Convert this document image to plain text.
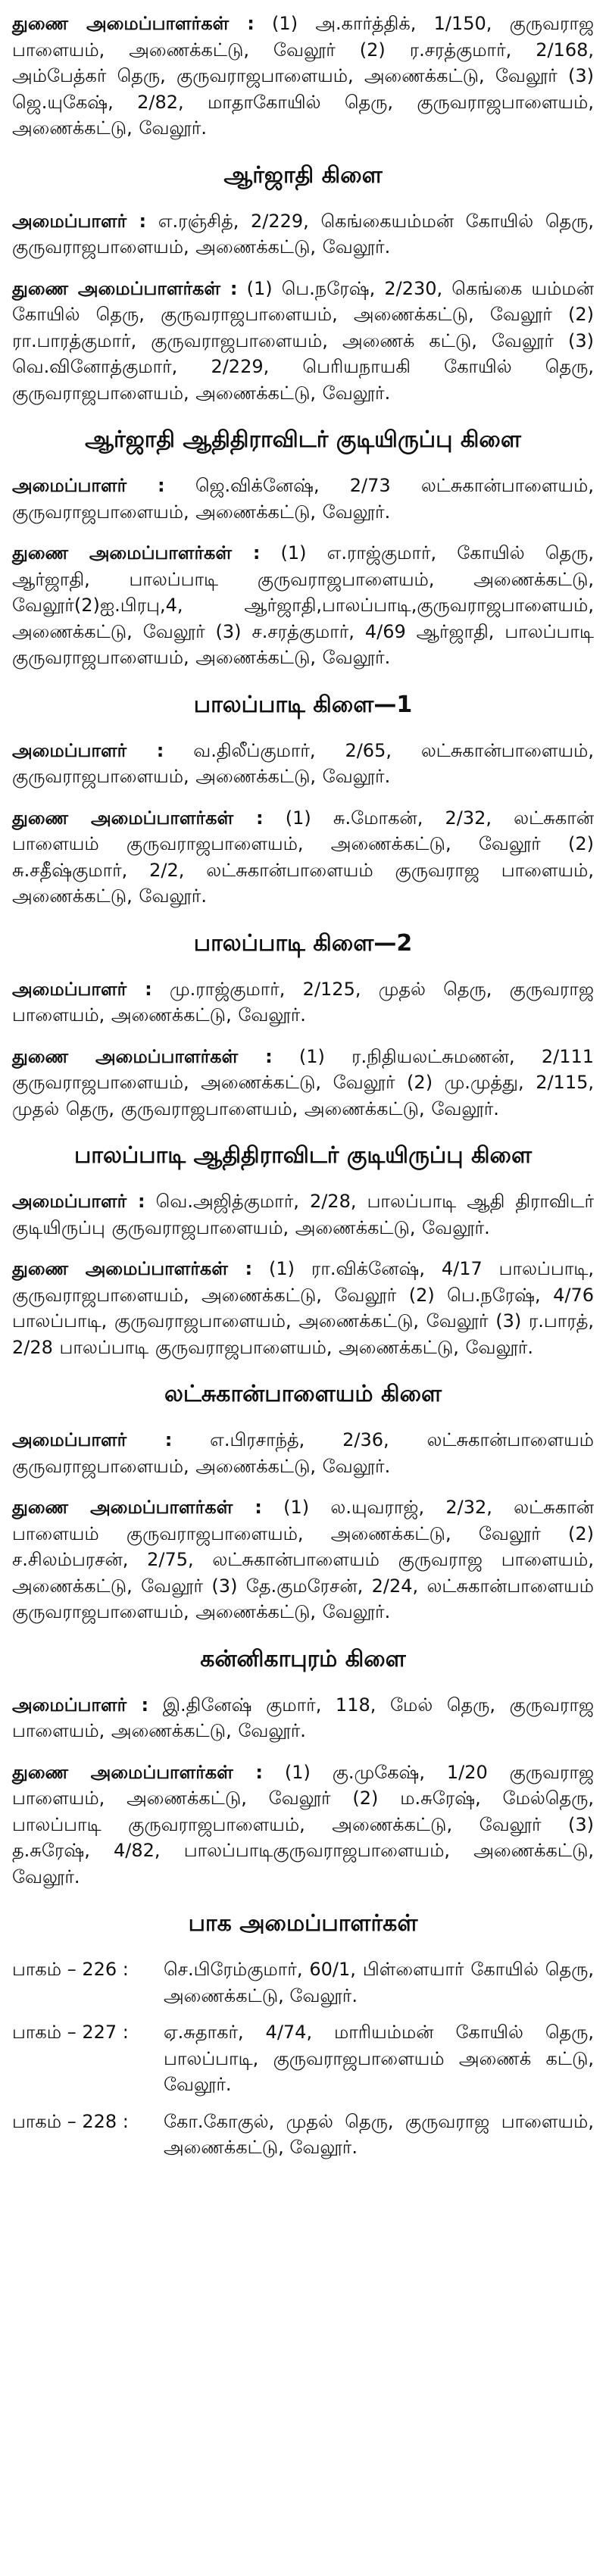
துணை அமைப்பாளர்கள் : (1) அ.கார்த்திக், 1/150, குருவராஜ பாளையம், அணைக்கட்டு, வேலூர் (2) ர.சரத்குமார், 2/168, அம்பேத்கர் தெரு, குருவராஜபாளையம், அணைக்கட்டு, வேலூர் (3) ஜெ.யுகேஷ், 2/82, மாதாகோயில் தெரு, குருவராஜபாளையம், அணைக்கட்டு, வேலூர்.

ஆர்ஜாதி கிளை

அமைப்பாளர் : எ.ரஞ்சித், 2/229, கெங்கையம்மன் கோயில் தெரு, குருவராஜபாளையம், அணைக்கட்டு, வேலூர்.

துணை அமைப்பாளர்கள் : (1) பெ.நரேஷ், 2/230, கெங்கை யம்மன் கோயில் தெரு, குருவராஜபாளையம், அணைக்கட்டு, வேலூர் (2) ரா.பாரத்குமார், குருவராஜபாளையம், அணைக் கட்டு, வேலூர் (3) வெ.வினோத்குமார், 2/229, பெரியநாயகி கோயில் தெரு, குருவராஜபாளையம், அணைக்கட்டு, வேலூர்.

ஆர்ஜாதி ஆதிதிராவிடர் குடியிருப்பு கிளை

அமைப்பாளர் : ஜெ.விக்னேஷ், 2/73 லட்சுகான்பாளையம், குருவராஜபாளையம், அணைக்கட்டு, வேலூர்.

துணை அமைப்பாளர்கள் : (1) எ.ராஜ்குமார், கோயில் தெரு, ஆர்ஜாதி, பாலப்பாடி குருவராஜபாளையம், அணைக்கட்டு, வேலூர்(2)ஐ.பிரபு,4, ஆர்ஜாதி,பாலப்பாடி,குருவராஜபாளையம், அணைக்கட்டு, வேலூர் (3) ச.சரத்குமார், 4/69 ஆர்ஜாதி, பாலப்பாடி குருவராஜபாளையம், அணைக்கட்டு, வேலூர்.

பாலப்பாடி கிளை—1

அமைப்பாளர் : வ.திலீப்குமார், 2/65, லட்சுகான்பாளையம், குருவராஜபாளையம், அணைக்கட்டு, வேலூர்.

துணை அமைப்பாளர்கள் : (1) சு.மோகன், 2/32, லட்சுகான் பாளையம் குருவராஜபாளையம், அணைக்கட்டு, வேலூர் (2) சு.சதீஷ்குமார், 2/2, லட்சுகான்பாளையம் குருவராஜ பாளையம், அணைக்கட்டு, வேலூர்.

பாலப்பாடி கிளை—2

அமைப்பாளர் : மு.ராஜ்குமார், 2/125, முதல் தெரு, குருவராஜ பாளையம், அணைக்கட்டு, வேலூர்.

துணை அமைப்பாளர்கள் : (1) ர.நிதியலட்சுமணன், 2/111 குருவராஜபாளையம், அணைக்கட்டு, வேலூர் (2) மு.முத்து, 2/115, முதல் தெரு, குருவராஜபாளையம், அணைக்கட்டு, வேலூர்.

பாலப்பாடி ஆதிதிராவிடர் குடியிருப்பு கிளை

அமைப்பாளர் : வெ.அஜித்குமார், 2/28, பாலப்பாடி ஆதி திராவிடர் குடியிருப்பு குருவராஜபாளையம், அணைக்கட்டு, வேலூர்.

துணை அமைப்பாளர்கள் : (1) ரா.விக்னேஷ், 4/17 பாலப்பாடி, குருவராஜபாளையம், அணைக்கட்டு, வேலூர் (2) பெ.நரேஷ், 4/76 பாலப்பாடி, குருவராஜபாளையம், அணைக்கட்டு, வேலூர் (3) ர.பாரத், 2/28 பாலப்பாடி குருவராஜபாளையம், அணைக்கட்டு, வேலூர்.

லட்சுகான்பாளையம் கிளை

அமைப்பாளர் : எ.பிரசாந்த், 2/36, லட்சுகான்பாளையம் குருவராஜபாளையம், அணைக்கட்டு, வேலூர்.

துணை அமைப்பாளர்கள் : (1) ல.யுவராஜ், 2/32, லட்சுகான் பாளையம் குருவராஜபாளையம், அணைக்கட்டு, வேலூர் (2) ச.சிலம்பரசன், 2/75, லட்சுகான்பாளையம் குருவராஜ பாளையம், அணைக்கட்டு, வேலூர் (3) தே.குமரேசன், 2/24, லட்சுகான்பாளையம் குருவராஜபாளையம், அணைக்கட்டு, வேலூர்.

கன்னிகாபுரம் கிளை

அமைப்பாளர் : இ.தினேஷ் குமார், 118, மேல் தெரு, குருவராஜ பாளையம், அணைக்கட்டு, வேலூர்.

துணை அமைப்பாளர்கள் : (1) கு.முகேஷ், 1/20 குருவராஜ பாளையம், அணைக்கட்டு, வேலூர் (2) ம.சுரேஷ், மேல்தெரு, பாலப்பாடி குருவராஜபாளையம், அணைக்கட்டு, வேலூர் (3) த.சுரேஷ், 4/82, பாலப்பாடிகுருவராஜபாளையம், அணைக்கட்டு, வேலூர்.

பாக அமைப்பாளர்கள்
பாகம் – 226 :	செ.பிரேம்குமார், 60/1, பிள்ளையார் கோயில் தெரு, அணைக்கட்டு, வேலூர்.
பாகம் – 227 :	ஏ.சுதாகர், 4/74, மாரியம்மன் கோயில் தெரு, பாலப்பாடி, குருவராஜபாளையம் அணைக் கட்டு, வேலூர்.
பாகம் – 228 :	கோ.கோகுல், முதல் தெரு, குருவராஜ பாளையம், அணைக்கட்டு, வேலூர்.
